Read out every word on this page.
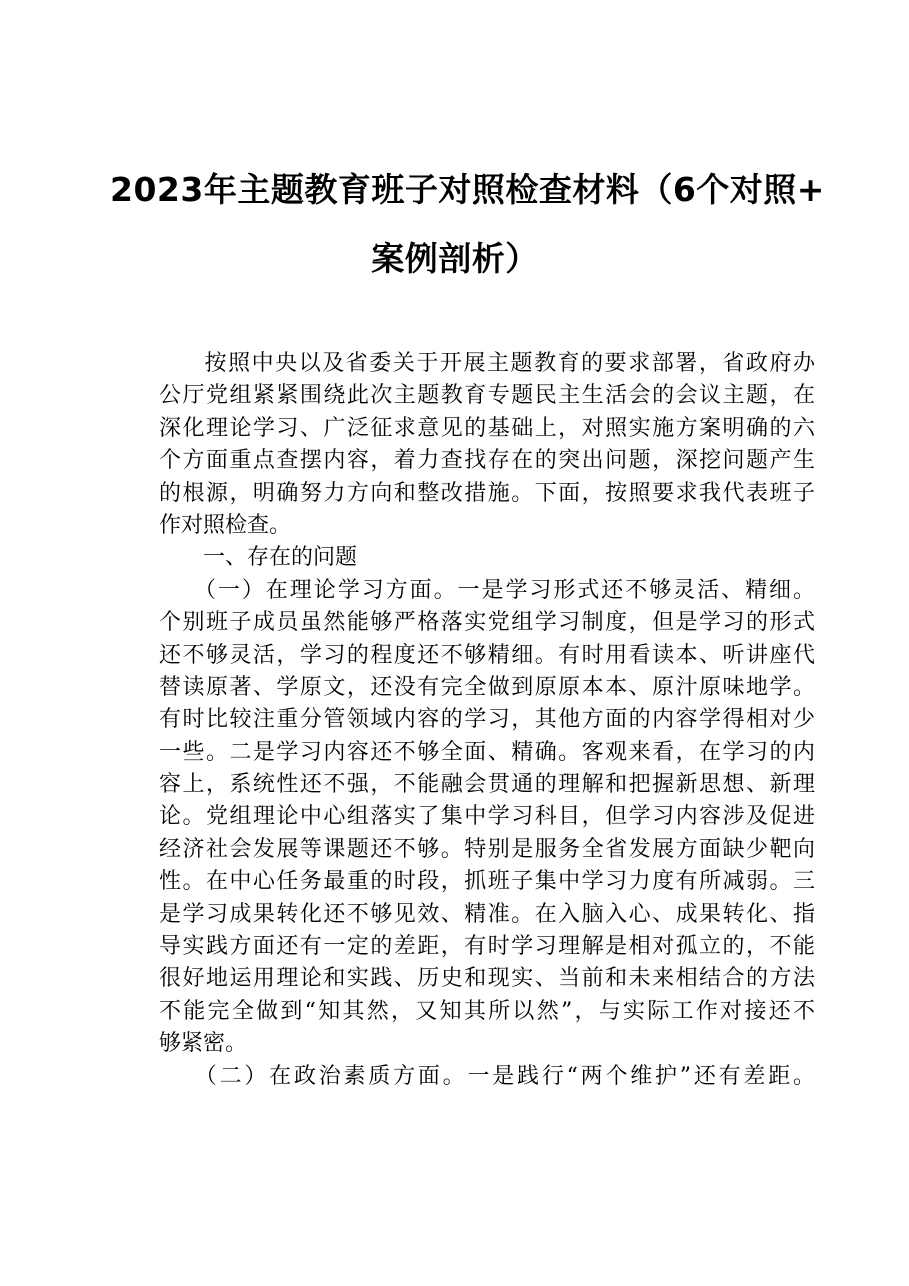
2023年主题教育班子对照检查材料（6个对照+
案例剖析）
　按照中央以及省委关于开展主题教育的要求部署，省政府办
公厅党组紧紧围绕此次主题教育专题民主生活会的会议主题，在
深化理论学习、广泛征求意见的基础上，对照实施方案明确的六
个方面重点查摆内容，着力查找存在的突出问题，深挖问题产生
的根源，明确努力方向和整改措施。下面，按照要求我代表班子
作对照检查。
　一、存在的问题
　（一）在理论学习方面。一是学习形式还不够灵活、精细。
个别班子成员虽然能够严格落实党组学习制度，但是学习的形式
还不够灵活，学习的程度还不够精细。有时用看读本、听讲座代
替读原著、学原文，还没有完全做到原原本本、原汁原味地学。
有时比较注重分管领域内容的学习，其他方面的内容学得相对少
一些。二是学习内容还不够全面、精确。客观来看，在学习的内
容上，系统性还不强，不能融会贯通的理解和把握新思想、新理
论。党组理论中心组落实了集中学习科目，但学习内容涉及促进
经济社会发展等课题还不够。特别是服务全省发展方面缺少靶向
性。在中心任务最重的时段，抓班子集中学习力度有所减弱。三
是学习成果转化还不够见效、精准。在入脑入心、成果转化、指
导实践方面还有一定的差距，有时学习理解是相对孤立的，不能
很好地运用理论和实践、历史和现实、当前和未来相结合的方法
不能完全做到“知其然，又知其所以然”，与实际工作对接还不
够紧密。
　（二）在政治素质方面。一是践行“两个维护”还有差距。
